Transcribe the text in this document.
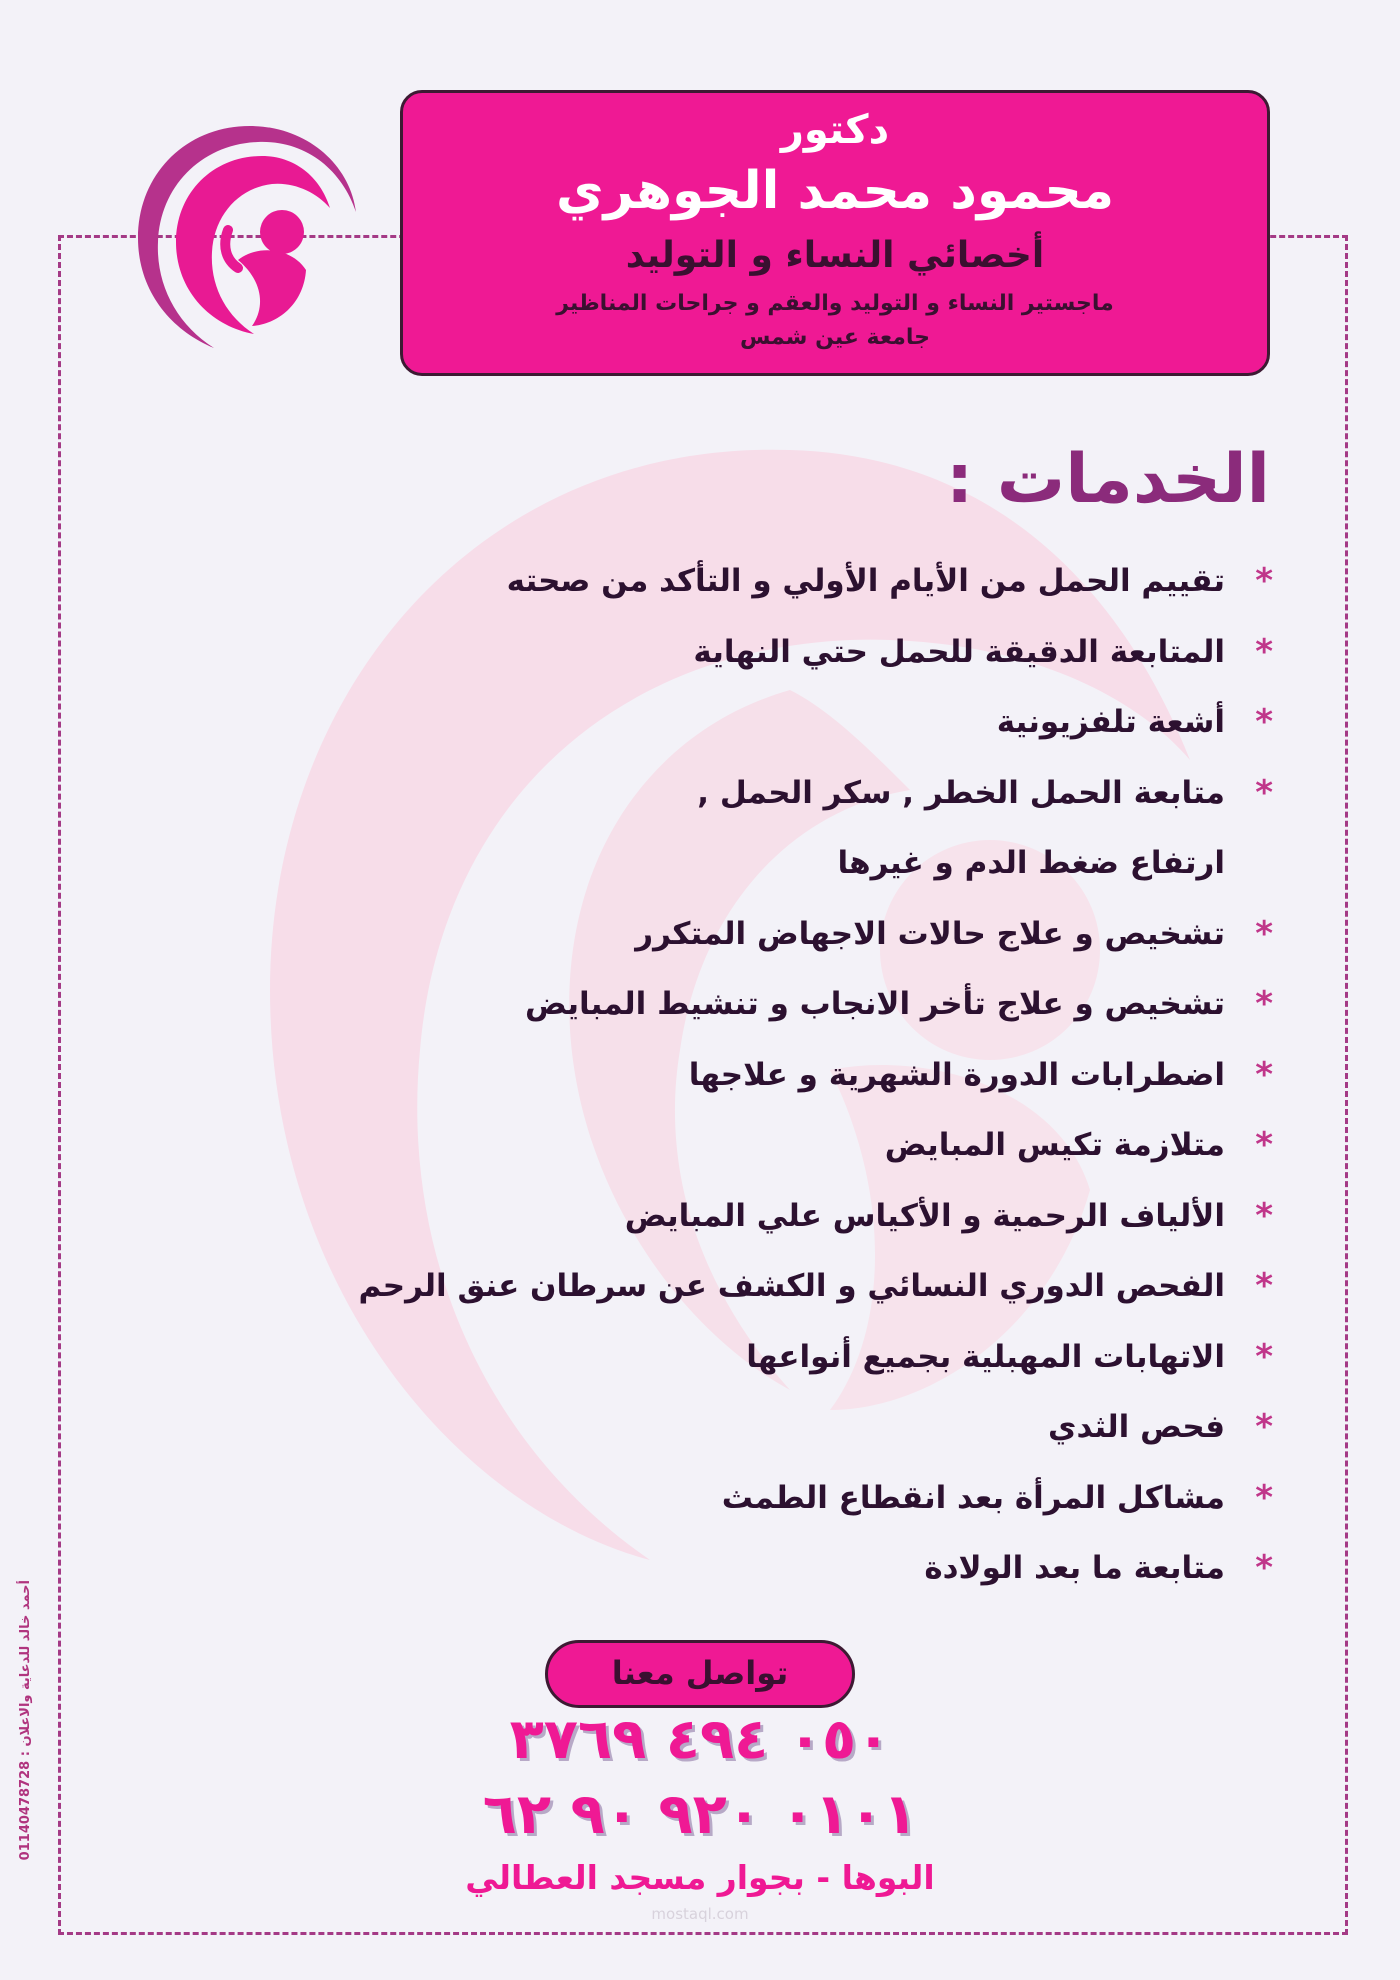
دكتور
محمود محمد الجوهري
أخصائي النساء و التوليد
ماجستير النساء و التوليد والعقم و جراحات المناظير
جامعة عين شمس
الخدمات :
*
تقييم الحمل من الأيام الأولي و التأكد من صحته
*
المتابعة الدقيقة للحمل حتي النهاية
*
أشعة تلفزيونية
*
متابعة الحمل الخطر , سكر الحمل ,
ارتفاع ضغط الدم و غيرها
*
تشخيص و علاج حالات الاجهاض المتكرر
*
تشخيص و علاج تأخر الانجاب و تنشيط المبايض
*
اضطرابات الدورة الشهرية و علاجها
*
متلازمة تكيس المبايض
*
الألياف الرحمية و الأكياس علي المبايض
*
الفحص الدوري النسائي و الكشف عن سرطان عنق الرحم
*
الاتهابات المهبلية بجميع أنواعها
*
فحص الثدي
*
مشاكل المرأة بعد انقطاع الطمث
*
متابعة ما بعد الولادة
تواصل معنا
٠٥٠ ٤٩٤ ٣٧٦٩
٠١٠١ ٩٢٠ ٩٠ ٦٢
البوها - بجوار مسجد العطالي
أحمد خالد للدعاية والاعلان : 01140478728
mostaql.com
